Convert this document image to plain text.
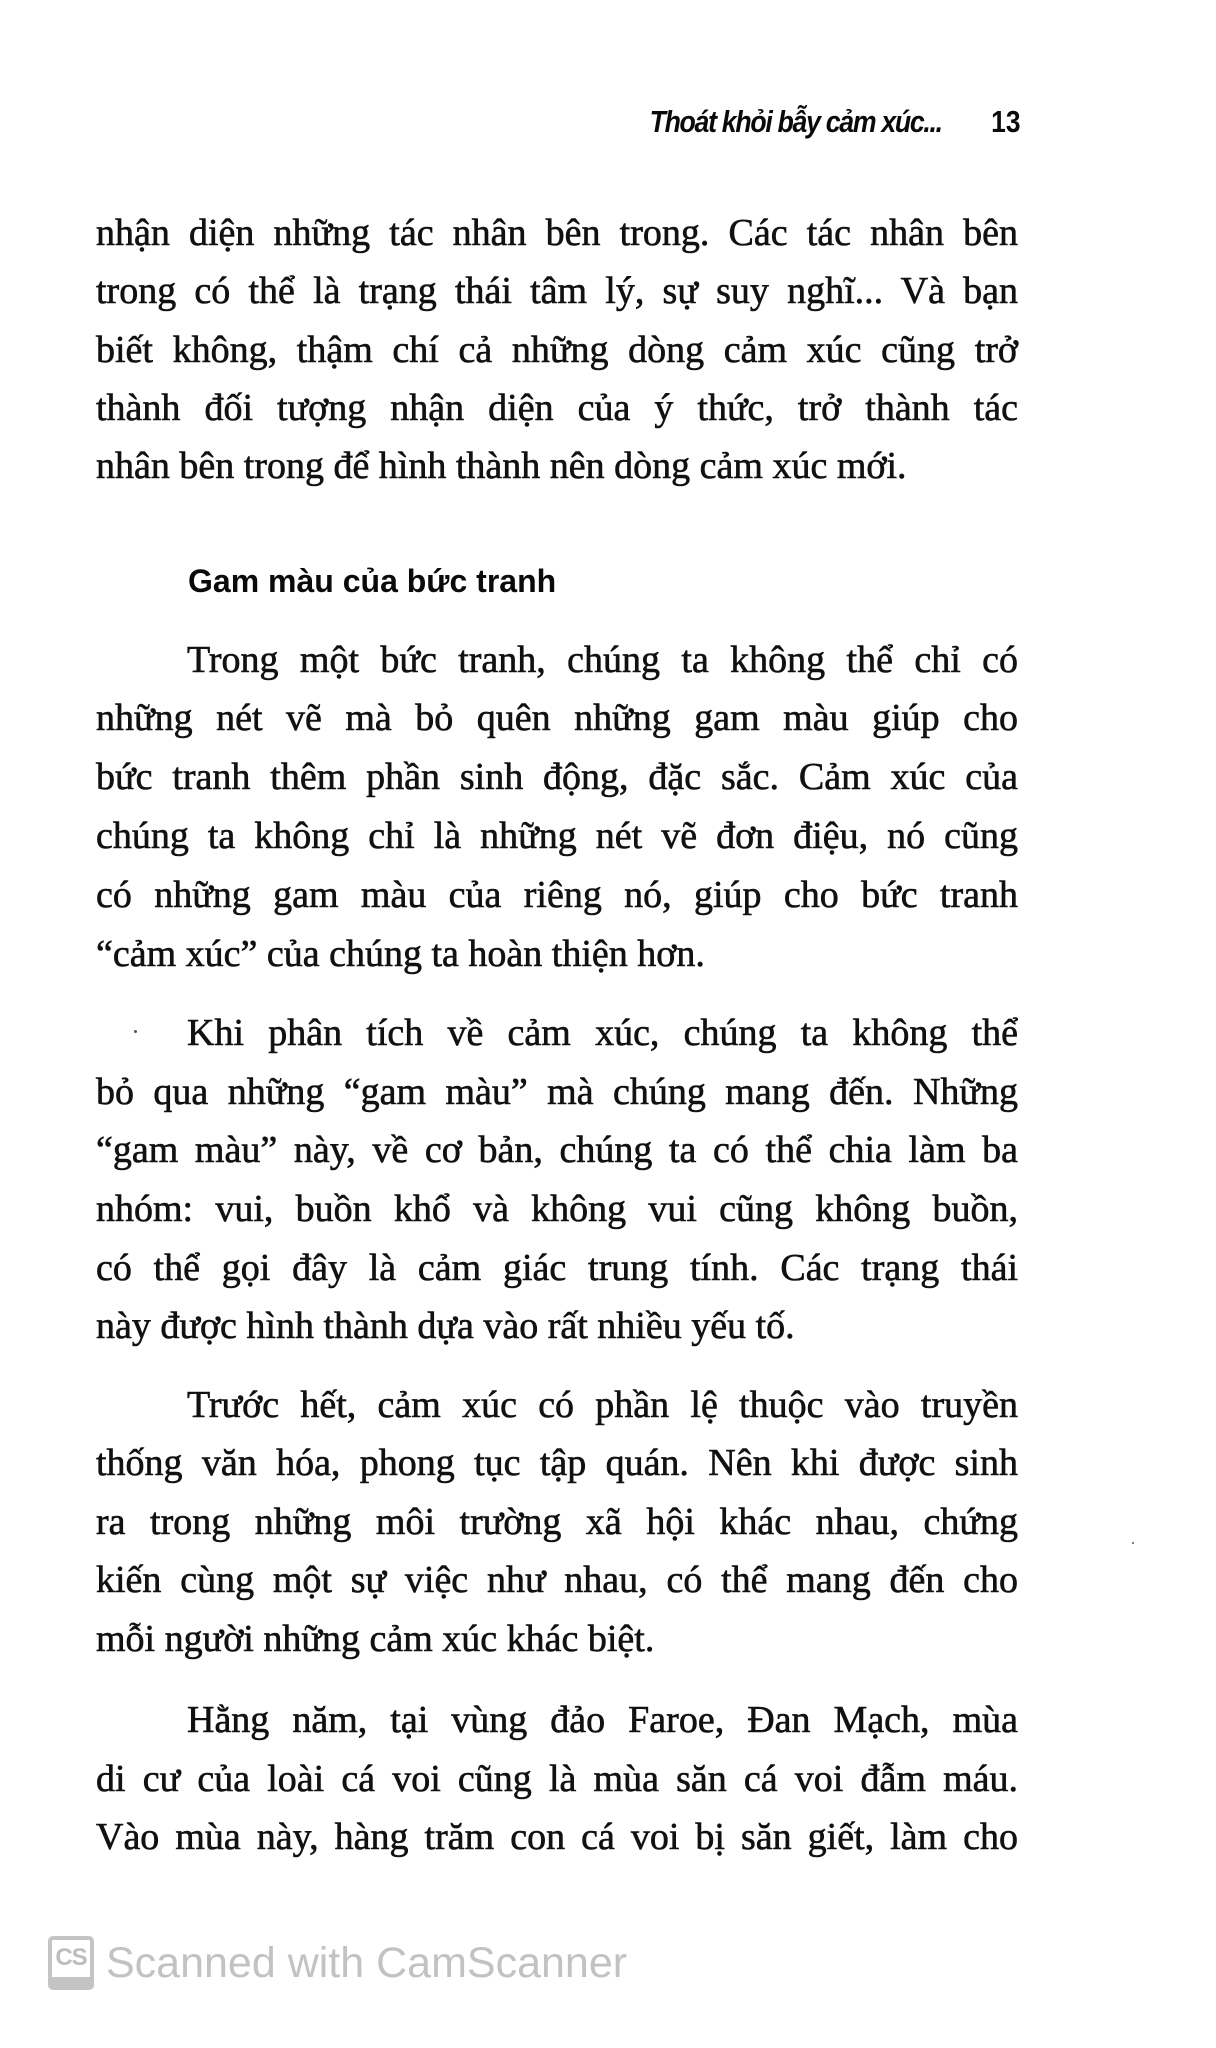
Thoát khỏi bẫy cảm xúc... 13
nhận diện những tác nhân bên trong. Các tác nhân bên
trong có thể là trạng thái tâm lý, sự suy nghĩ... Và bạn
biết không, thậm chí cả những dòng cảm xúc cũng trở
thành đối tượng nhận diện của ý thức, trở thành tác
nhân bên trong để hình thành nên dòng cảm xúc mới.
Gam màu của bức tranh
Trong một bức tranh, chúng ta không thể chỉ có
những nét vẽ mà bỏ quên những gam màu giúp cho
bức tranh thêm phần sinh động, đặc sắc. Cảm xúc của
chúng ta không chỉ là những nét vẽ đơn điệu, nó cũng
có những gam màu của riêng nó, giúp cho bức tranh
“cảm xúc” của chúng ta hoàn thiện hơn.
Khi phân tích về cảm xúc, chúng ta không thể
bỏ qua những “gam màu” mà chúng mang đến. Những
“gam màu” này, về cơ bản, chúng ta có thể chia làm ba
nhóm: vui, buồn khổ và không vui cũng không buồn,
có thể gọi đây là cảm giác trung tính. Các trạng thái
này được hình thành dựa vào rất nhiều yếu tố.
Trước hết, cảm xúc có phần lệ thuộc vào truyền
thống văn hóa, phong tục tập quán. Nên khi được sinh
ra trong những môi trường xã hội khác nhau, chứng
kiến cùng một sự việc như nhau, có thể mang đến cho
mỗi người những cảm xúc khác biệt.
Hằng năm, tại vùng đảo Faroe, Đan Mạch, mùa
di cư của loài cá voi cũng là mùa săn cá voi đẫm máu.
Vào mùa này, hàng trăm con cá voi bị săn giết, làm cho
CS Scanned with CamScanner
